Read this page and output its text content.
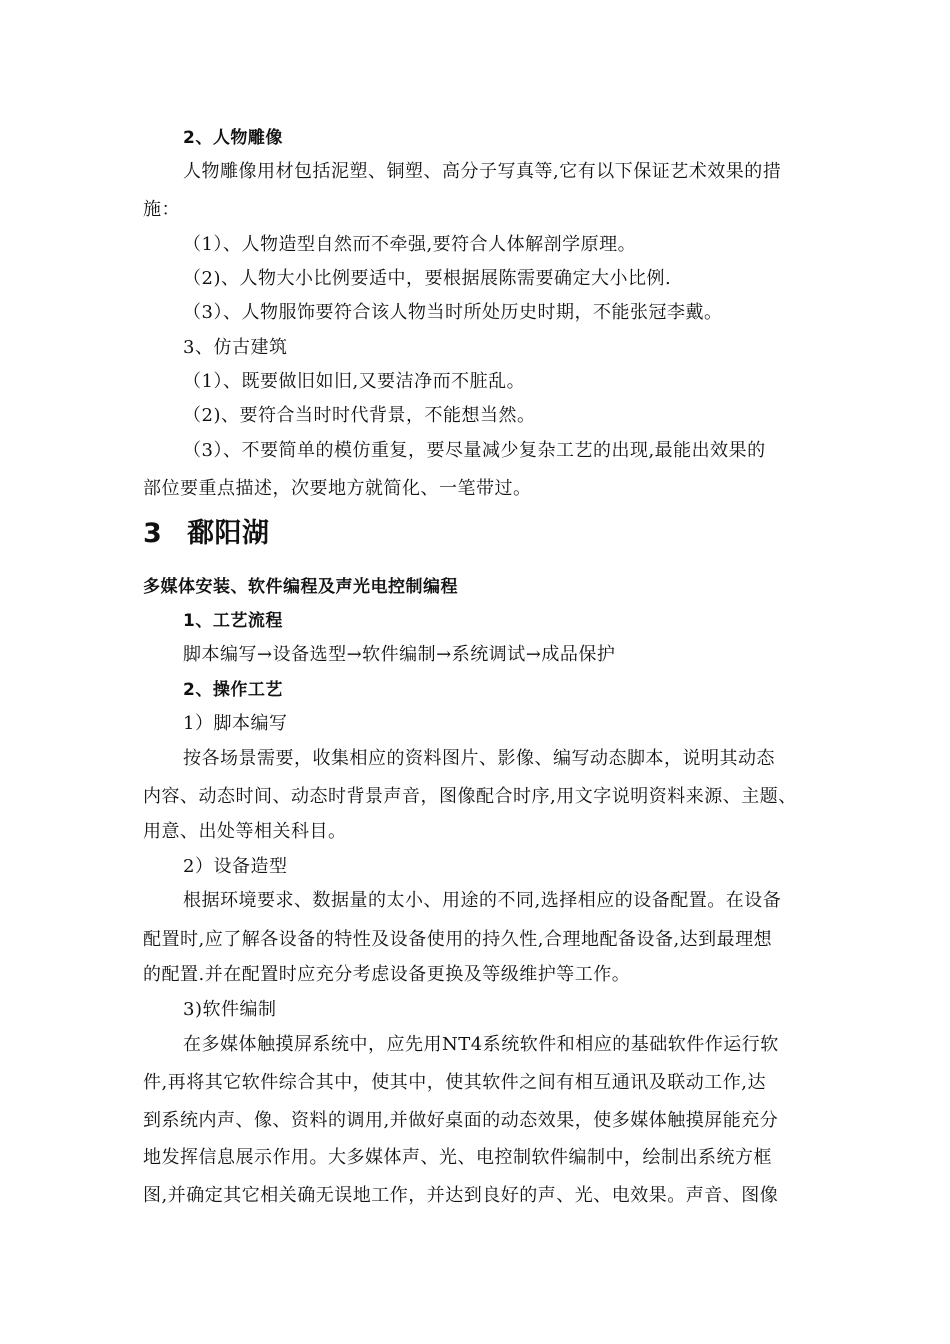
2、人物雕像

人物雕像用材包括泥塑、铜塑、高分子写真等,它有以下保证艺术效果的措

施：

（1）、人物造型自然而不牵强,要符合人体解剖学原理。

（2)、人物大小比例要适中，要根据展陈需要确定大小比例.

（3）、人物服饰要符合该人物当时所处历史时期，不能张冠李戴。

3、仿古建筑

（1）、既要做旧如旧,又要洁净而不脏乱。

（2)、要符合当时时代背景，不能想当然。

（3）、不要简单的模仿重复，要尽量减少复杂工艺的出现,最能出效果的

部位要重点描述，次要地方就简化、一笔带过。

3 鄱阳湖

多媒体安装、软件编程及声光电控制编程

1、工艺流程

脚本编写→设备选型→软件编制→系统调试→成品保护

2、操作工艺

1）脚本编写

按各场景需要，收集相应的资料图片、影像、编写动态脚本，说明其动态

内容、动态时间、动态时背景声音，图像配合时序,用文字说明资料来源、主题、

用意、出处等相关科目。

2）设备造型

根据环境要求、数据量的太小、用途的不同,选择相应的设备配置。在设备

配置时,应了解各设备的特性及设备使用的持久性,合理地配备设备,达到最理想

的配置.并在配置时应充分考虑设备更换及等级维护等工作。

3)软件编制

在多媒体触摸屏系统中，应先用NT4系统软件和相应的基础软件作运行软

件,再将其它软件综合其中，使其中，使其软件之间有相互通讯及联动工作,达

到系统内声、像、资料的调用,并做好桌面的动态效果，使多媒体触摸屏能充分

地发挥信息展示作用。大多媒体声、光、电控制软件编制中，绘制出系统方框

图,并确定其它相关确无误地工作，并达到良好的声、光、电效果。声音、图像
